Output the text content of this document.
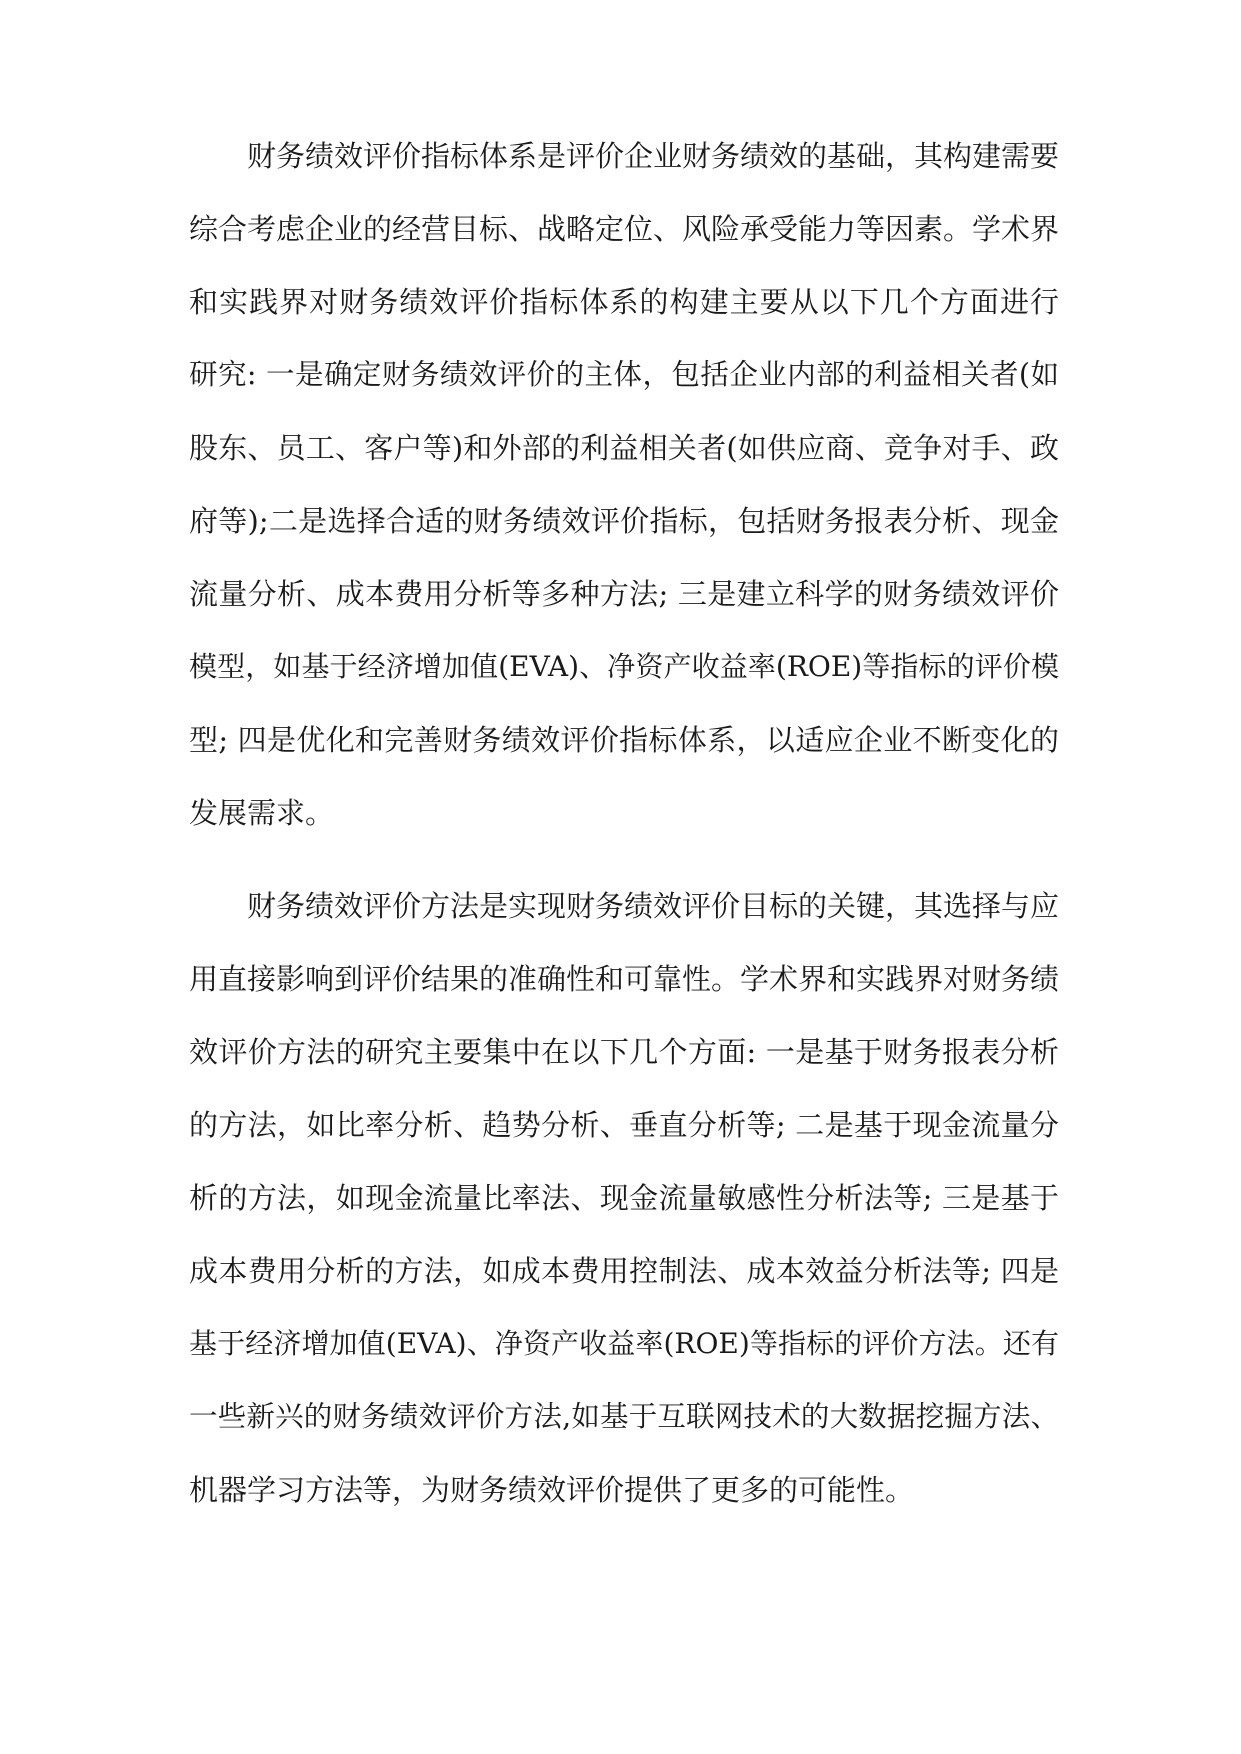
财务绩效评价指标体系是评价企业财务绩效的基础，其构建需要
综合考虑企业的经营目标、战略定位、风险承受能力等因素。学术界
和实践界对财务绩效评价指标体系的构建主要从以下几个方面进行
研究: 一是确定财务绩效评价的主体，包括企业内部的利益相关者(如
股东、员工、客户等)和外部的利益相关者(如供应商、竞争对手、政
府等);二是选择合适的财务绩效评价指标，包括财务报表分析、现金
流量分析、成本费用分析等多种方法; 三是建立科学的财务绩效评价
模型，如基于经济增加值(EVA)、净资产收益率(ROE)等指标的评价模
型; 四是优化和完善财务绩效评价指标体系，以适应企业不断变化的
发展需求。
财务绩效评价方法是实现财务绩效评价目标的关键，其选择与应
用直接影响到评价结果的准确性和可靠性。学术界和实践界对财务绩
效评价方法的研究主要集中在以下几个方面: 一是基于财务报表分析
的方法，如比率分析、趋势分析、垂直分析等; 二是基于现金流量分
析的方法，如现金流量比率法、现金流量敏感性分析法等; 三是基于
成本费用分析的方法，如成本费用控制法、成本效益分析法等; 四是
基于经济增加值(EVA)、净资产收益率(ROE)等指标的评价方法。还有
一些新兴的财务绩效评价方法,如基于互联网技术的大数据挖掘方法、
机器学习方法等，为财务绩效评价提供了更多的可能性。
